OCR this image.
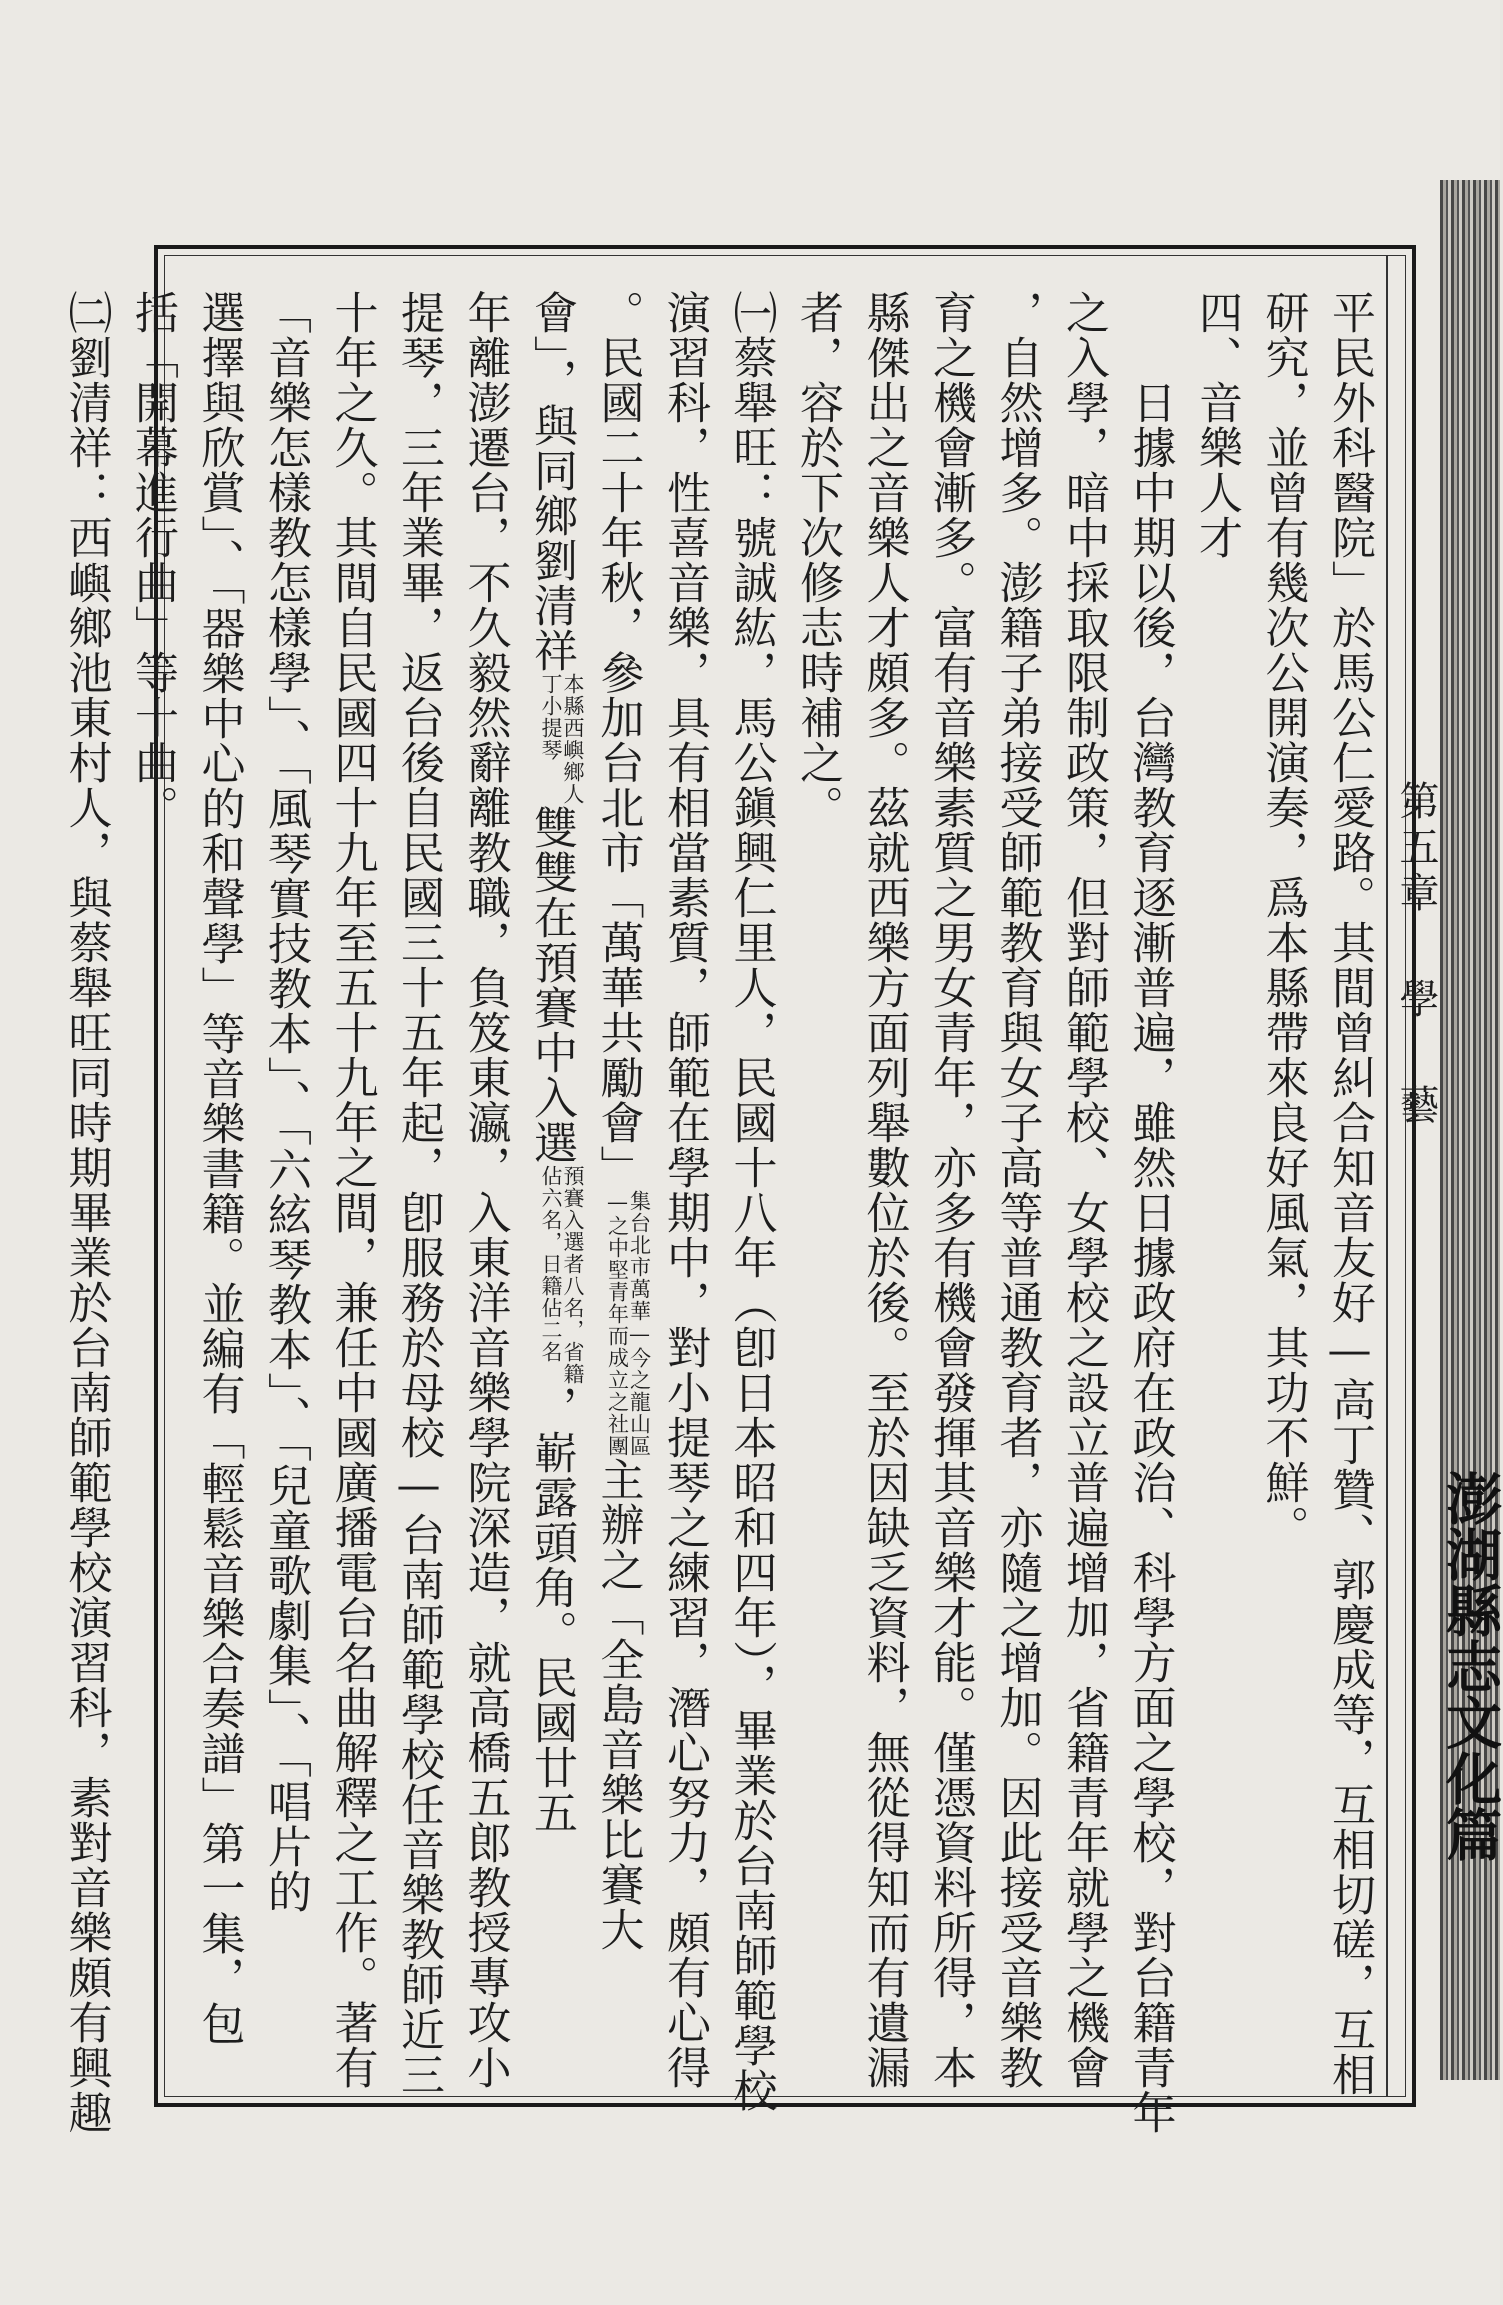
第五章學藝
澎湖縣志文化篇
平民外科醫院」於馬公仁愛路。其間曾糾合知音友好—高丁贊、郭慶成等，互相切磋，互相
研究，並曾有幾次公開演奏，爲本縣帶來良好風氣，其功不鮮。
四、音樂人才
　　日據中期以後，台灣教育逐漸普遍，雖然日據政府在政治、科學方面之學校，對台籍青年
之入學，暗中採取限制政策，但對師範學校、女學校之設立普遍增加，省籍青年就學之機會
，自然增多。澎籍子弟接受師範教育與女子高等普通教育者，亦隨之增加。因此接受音樂教
育之機會漸多。富有音樂素質之男女青年，亦多有機會發揮其音樂才能。僅憑資料所得，本
縣傑出之音樂人才頗多。茲就西樂方面列舉數位於後。至於因缺乏資料，無從得知而有遺漏
者，容於下次修志時補之。
㈠蔡舉旺：號誠紘，馬公鎭興仁里人，民國十八年（卽日本昭和四年），畢業於台南師範學校
演習科，性喜音樂，具有相當素質，師範在學期中，對小提琴之練習，潛心努力，頗有心得
。民國二十年秋，參加台北市「萬華共勵會」
集台北市萬華—今之龍山區
—之中堅青年而成立之社團
主辦之「全島音樂比賽大
會」，與同鄉劉清祥
本縣西嶼鄉人
丁小提琴
雙雙在預賽中入選
預賽入選者八名，省籍
佔六名，日籍佔二名
，嶄露頭角。民國廿五
年離澎遷台，不久毅然辭離教職，負笈東瀛，入東洋音樂學院深造，就高橋五郎教授專攻小
提琴，三年業畢，返台後自民國三十五年起，卽服務於母校—台南師範學校任音樂教師近三
十年之久。其間自民國四十九年至五十九年之間，兼任中國廣播電台名曲解釋之工作。著有
「音樂怎樣教怎樣學」、「風琴實技教本」、「六絃琴教本」、「兒童歌劇集」、「唱片的
選擇與欣賞」、「器樂中心的和聲學」等音樂書籍。並編有「輕鬆音樂合奏譜」第一集，包
括「開幕進行曲」等十曲。
㈡劉清祥：西嶼鄉池東村人，與蔡舉旺同時期畢業於台南師範學校演習科，素對音樂頗有興趣
